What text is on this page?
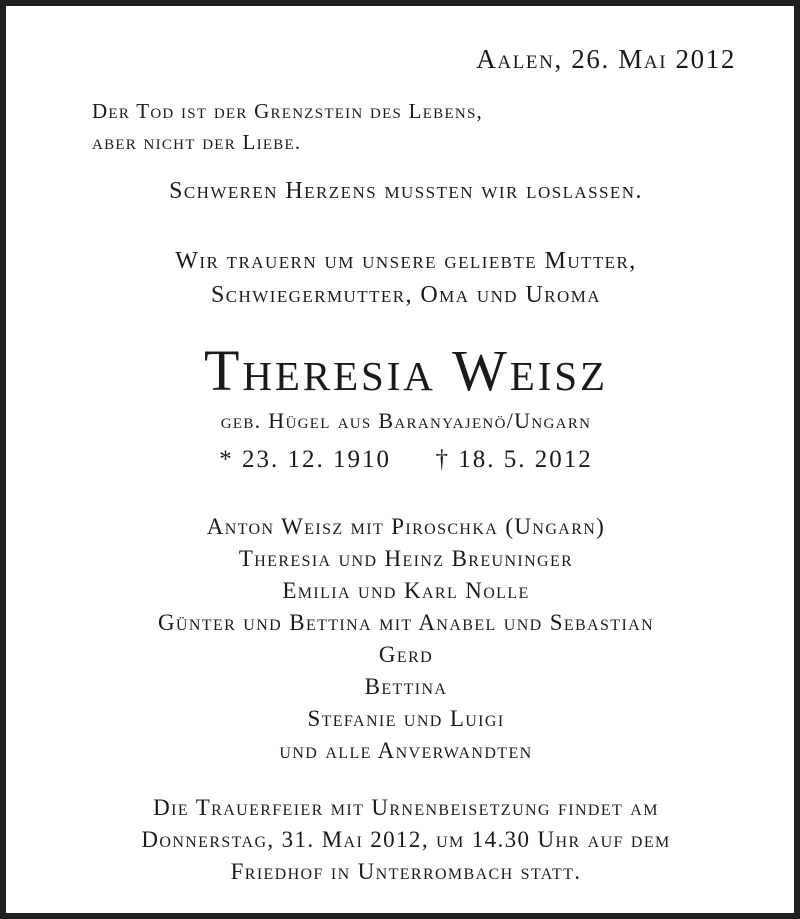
Aalen, 26. Mai 2012
Der Tod ist der Grenzstein des Lebens,
aber nicht der Liebe.
Schweren Herzens mussten wir loslassen.
Wir trauern um unsere geliebte Mutter,
Schwiegermutter, Oma und Uroma
Theresia Weisz
geb. Hügel aus Baranyajenö/Ungarn
* 23. 12. 1910 † 18. 5. 2012
Anton Weisz mit Piroschka (Ungarn)
Theresia und Heinz Breuninger
Emilia und Karl Nolle
Günter und Bettina mit Anabel und Sebastian
Gerd
Bettina
Stefanie und Luigi
und alle Anverwandten
Die Trauerfeier mit Urnenbeisetzung findet am
Donnerstag, 31. Mai 2012, um 14.30 Uhr auf dem
Friedhof in Unterrombach statt.
